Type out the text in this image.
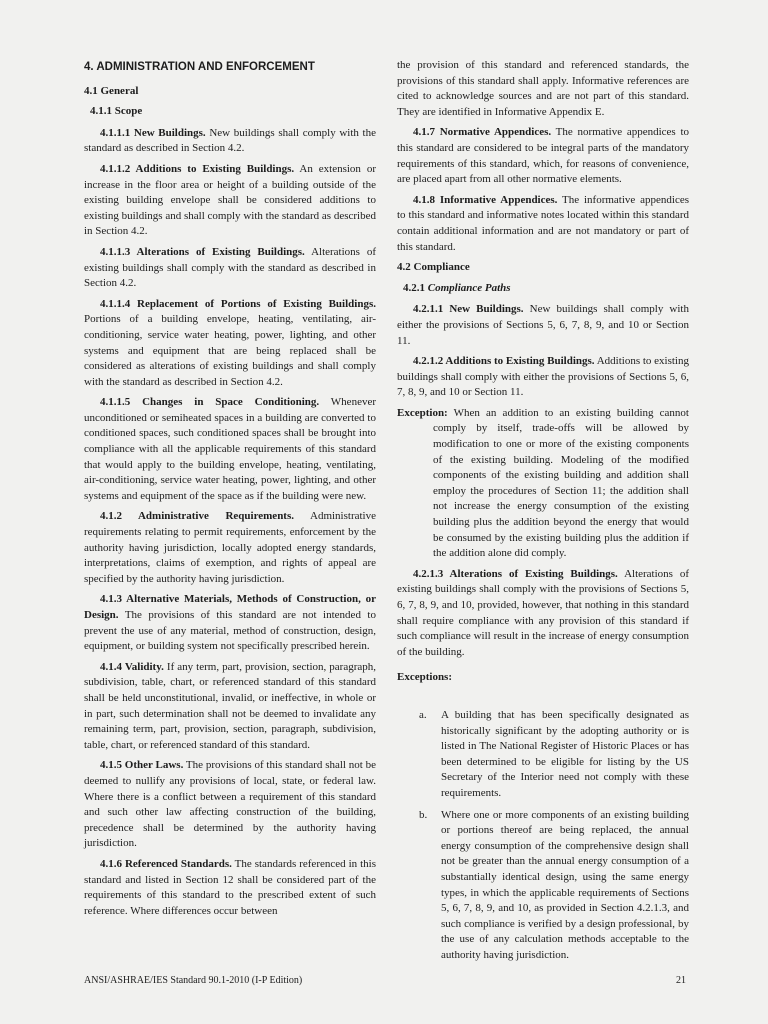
4. ADMINISTRATION AND ENFORCEMENT

4.1 General

4.1.1 Scope

4.1.1.1 New Buildings. New buildings shall comply with the standard as described in Section 4.2.

4.1.1.2 Additions to Existing Buildings. An extension or increase in the floor area or height of a building outside of the existing building envelope shall be considered additions to existing buildings and shall comply with the standard as described in Section 4.2.

4.1.1.3 Alterations of Existing Buildings. Alterations of existing buildings shall comply with the standard as described in Section 4.2.

4.1.1.4 Replacement of Portions of Existing Buildings. Portions of a building envelope, heating, ventilating, air-conditioning, service water heating, power, lighting, and other systems and equipment that are being replaced shall be considered as alterations of existing buildings and shall comply with the standard as described in Section 4.2.

4.1.1.5 Changes in Space Conditioning. Whenever unconditioned or semiheated spaces in a building are converted to conditioned spaces, such conditioned spaces shall be brought into compliance with all the applicable requirements of this standard that would apply to the building envelope, heating, ventilating, air-conditioning, service water heating, power, lighting, and other systems and equipment of the space as if the building were new.

4.1.2 Administrative Requirements. Administrative requirements relating to permit requirements, enforcement by the authority having jurisdiction, locally adopted energy standards, interpretations, claims of exemption, and rights of appeal are specified by the authority having jurisdiction.

4.1.3 Alternative Materials, Methods of Construction, or Design. The provisions of this standard are not intended to prevent the use of any material, method of construction, design, equipment, or building system not specifically prescribed herein.

4.1.4 Validity. If any term, part, provision, section, paragraph, subdivision, table, chart, or referenced standard of this standard shall be held unconstitutional, invalid, or ineffective, in whole or in part, such determination shall not be deemed to invalidate any remaining term, part, provision, section, paragraph, subdivision, table, chart, or referenced standard of this standard.

4.1.5 Other Laws. The provisions of this standard shall not be deemed to nullify any provisions of local, state, or federal law. Where there is a conflict between a requirement of this standard and such other law affecting construction of the building, precedence shall be determined by the authority having jurisdiction.

4.1.6 Referenced Standards. The standards referenced in this standard and listed in Section 12 shall be considered part of the requirements of this standard to the prescribed extent of such reference. Where differences occur between

the provision of this standard and referenced standards, the provisions of this standard shall apply. Informative references are cited to acknowledge sources and are not part of this standard. They are identified in Informative Appendix E.

4.1.7 Normative Appendices. The normative appendices to this standard are considered to be integral parts of the mandatory requirements of this standard, which, for reasons of convenience, are placed apart from all other normative elements.

4.1.8 Informative Appendices. The informative appendices to this standard and informative notes located within this standard contain additional information and are not mandatory or part of this standard.

4.2 Compliance

4.2.1 Compliance Paths

4.2.1.1 New Buildings. New buildings shall comply with either the provisions of Sections 5, 6, 7, 8, 9, and 10 or Section 11.

4.2.1.2 Additions to Existing Buildings. Additions to existing buildings shall comply with either the provisions of Sections 5, 6, 7, 8, 9, and 10 or Section 11.

Exception: When an addition to an existing building cannot comply by itself, trade-offs will be allowed by modification to one or more of the existing components of the existing building. Modeling of the modified components of the existing building and addition shall employ the procedures of Section 11; the addition shall not increase the energy consumption of the existing building plus the addition beyond the energy that would be consumed by the existing building plus the addition if the addition alone did comply.

4.2.1.3 Alterations of Existing Buildings. Alterations of existing buildings shall comply with the provisions of Sections 5, 6, 7, 8, 9, and 10, provided, however, that nothing in this standard shall require compliance with any provision of this standard if such compliance will result in the increase of energy consumption of the building.

Exceptions:

a. A building that has been specifically designated as historically significant by the adopting authority or is listed in The National Register of Historic Places or has been determined to be eligible for listing by the US Secretary of the Interior need not comply with these requirements.
b. Where one or more components of an existing building or portions thereof are being replaced, the annual energy consumption of the comprehensive design shall not be greater than the annual energy consumption of a substantially identical design, using the same energy types, in which the applicable requirements of Sections 5, 6, 7, 8, 9, and 10, as provided in Section 4.2.1.3, and such compliance is verified by a design professional, by the use of any calculation methods acceptable to the authority having jurisdiction.
ANSI/ASHRAE/IES Standard 90.1-2010 (I-P Edition)	21
